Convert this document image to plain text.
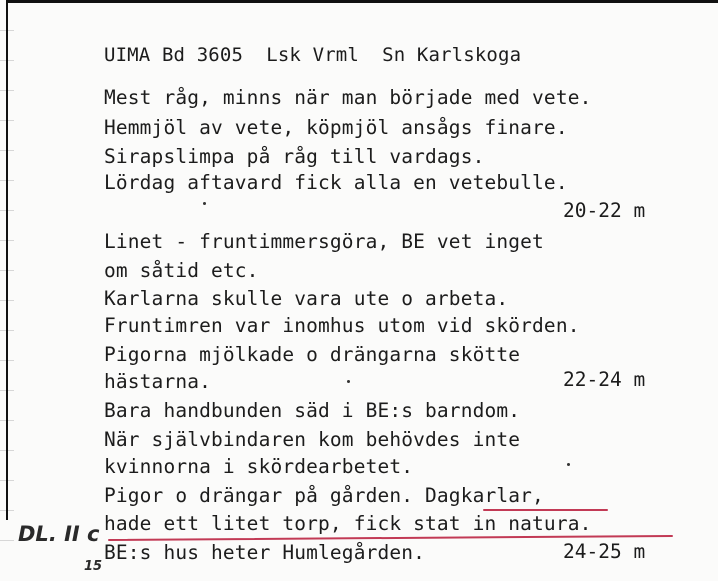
UIMA Bd 3605  Lsk Vrml  Sn Karlskoga
Mest råg, minns när man började med vete.
Hemmjöl av vete, köpmjöl ansågs finare.
Sirapslimpa på råg till vardags.
Lördag aftavard fick alla en vetebulle.
20-22 m
Linet - fruntimmersgöra, BE vet inget
om såtid etc.
Karlarna skulle vara ute o arbeta.
Fruntimren var inomhus utom vid skörden.
Pigorna mjölkade o drängarna skötte
hästarna.	22-24 m
Bara handbunden säd i BE:s barndom.
När självbindaren kom behövdes inte
kvinnorna i skördearbetet.
Pigor o drängar på gården. Dagkarlar,
hade ett litet torp, fick stat in natura.
BE:s hus heter Humlegården.	24-25 m
DL. II c
15
